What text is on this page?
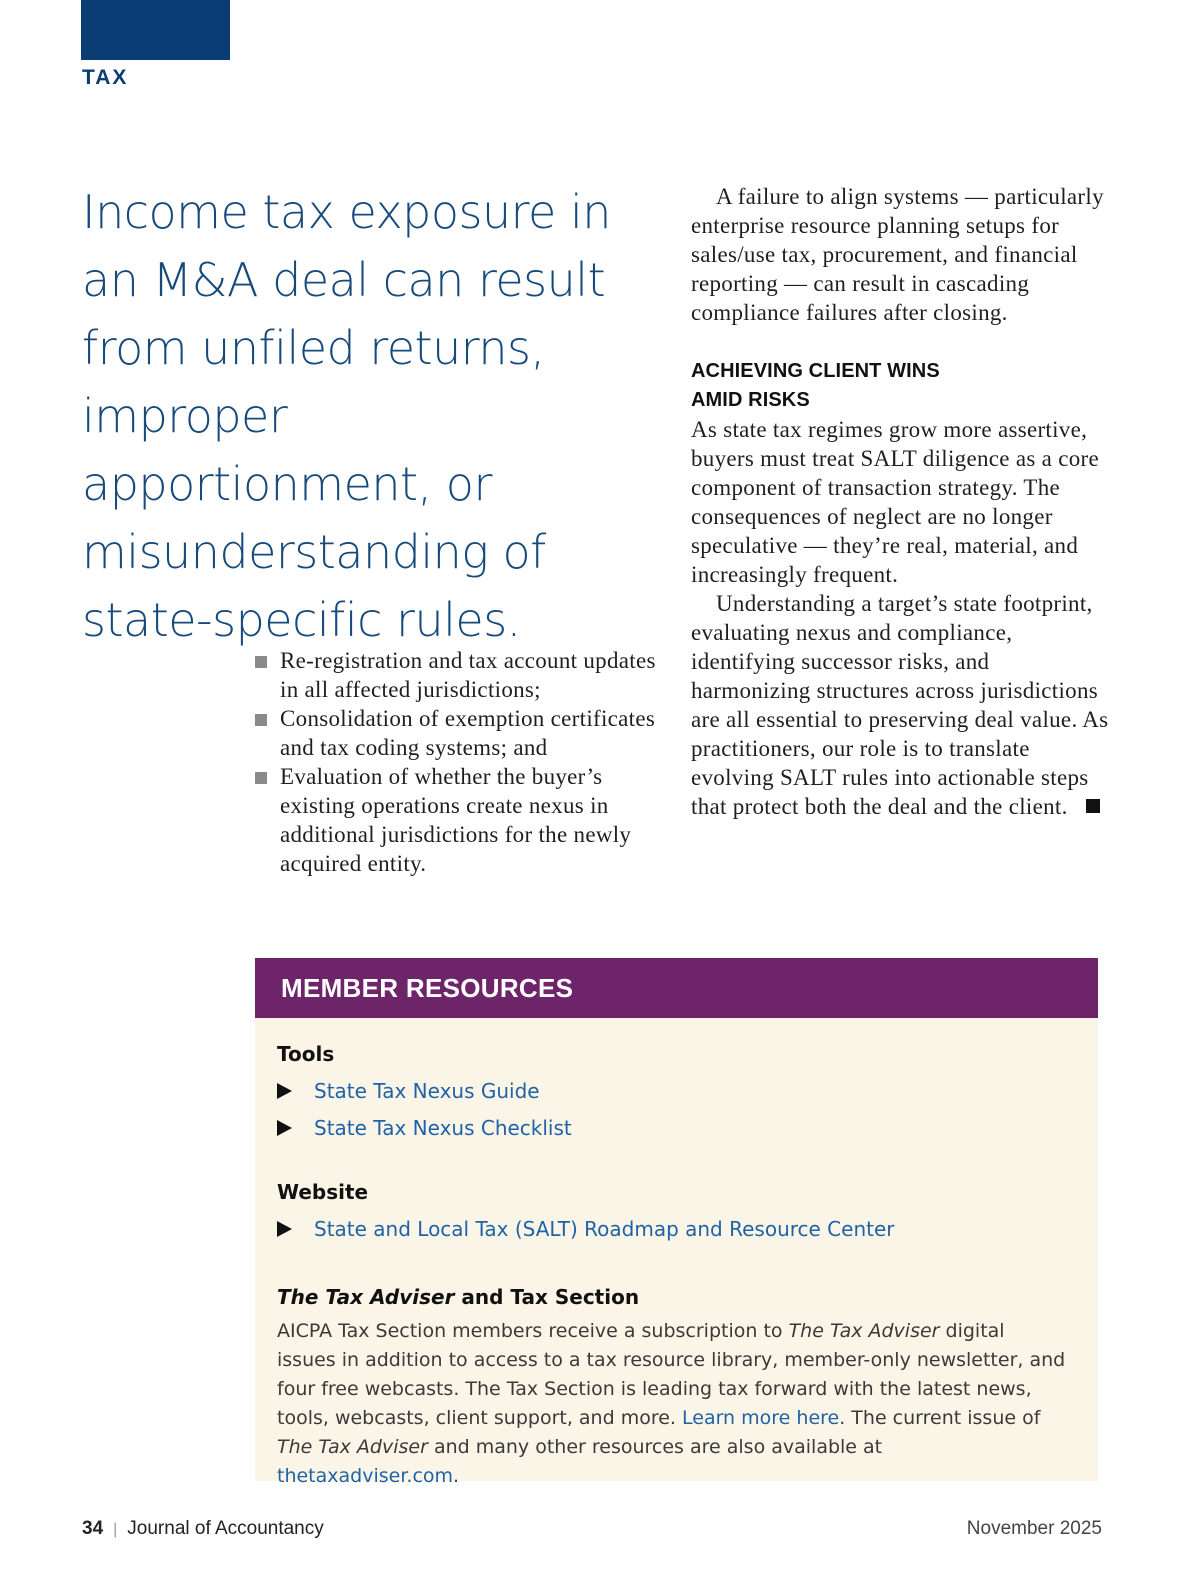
TAX
Income tax exposure in an M&A deal can result from unfiled returns, improper apportionment, or misunderstanding of state-specific rules.

A failure to align systems — particularly enterprise resource planning setups for sales/use tax, procurement, and financial reporting — can result in cascading compliance failures after closing.

ACHIEVING CLIENT WINS
AMID RISKS

As state tax regimes grow more assertive, buyers must treat SALT diligence as a core component of transaction strategy. The consequences of neglect are no longer speculative — they’re real, material, and increasingly frequent.

Understanding a target’s state footprint, evaluating nexus and compliance, identifying successor risks, and harmonizing structures across jurisdictions are all essential to preserving deal value. As practitioners, our role is to translate evolving SALT rules into actionable steps that protect both the deal and the client.

Re-registration and tax account updates in all affected jurisdictions;
Consolidation of exemption certificates and tax coding systems; and
Evaluation of whether the buyer’s existing operations create nexus in additional jurisdictions for the newly acquired entity.
MEMBER RESOURCES
Tools
State Tax Nexus Guide
State Tax Nexus Checklist
Website
State and Local Tax (SALT) Roadmap and Resource Center
The Tax Adviser and Tax Section

AICPA Tax Section members receive a subscription to The Tax Adviser digital issues in addition to access to a tax resource library, member-only newsletter, and four free webcasts. The Tax Section is leading tax forward with the latest news, tools, webcasts, client support, and more. Learn more here. The current issue of The Tax Adviser and many other resources are also available at thetaxadviser.com.

34 | Journal of Accountancy	November 2025
